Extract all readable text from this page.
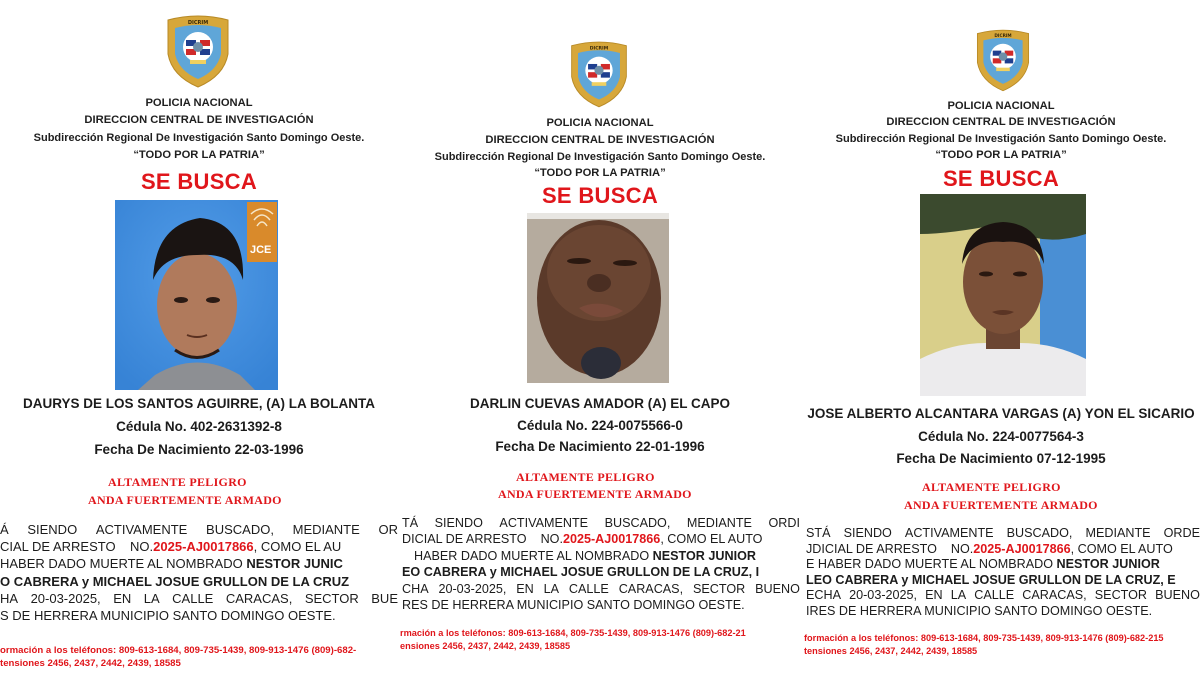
DICRIM
POLICIA NACIONAL
DIRECCION CENTRAL DE INVESTIGACIÓN
Subdirección Regional De Investigación Santo Domingo Oeste.
“TODO POR LA PATRIA”
SE BUSCA
JCE
DAURYS DE LOS SANTOS AGUIRRE, (A) LA BOLANTA
Cédula No. 402-2631392-8
Fecha De Nacimiento 22-03-1996
ALTAMENTE PELIGRO
ANDA FUERTEMENTE ARMADO
Á SIENDO ACTIVAMENTE BUSCADO, MEDIANTE OR
CIAL DE ARRESTO    NO.2025-AJ0017866, COMO EL AU
HABER DADO MUERTE AL NOMBRADO NESTOR JUNIC
O CABRERA y MICHAEL JOSUE GRULLON DE LA CRUZ
HA 20-03-2025, EN LA CALLE CARACAS, SECTOR BUE
S DE HERRERA MUNICIPIO SANTO DOMINGO OESTE.
ormación a los teléfonos: 809-613-1684, 809-735-1439, 809-913-1476 (809)-682-
tensiones 2456, 2437, 2442, 2439, 18585
DICRIM
POLICIA NACIONAL
DIRECCION CENTRAL DE INVESTIGACIÓN
Subdirección Regional De Investigación Santo Domingo Oeste.
“TODO POR LA PATRIA”
SE BUSCA
DARLIN CUEVAS AMADOR (A) EL CAPO
Cédula No. 224-0075566-0
Fecha De Nacimiento 22-01-1996
ALTAMENTE PELIGRO
ANDA FUERTEMENTE ARMADO
TÁ SIENDO ACTIVAMENTE BUSCADO, MEDIANTE ORDI
DICIAL DE ARRESTO    NO.2025-AJ0017866, COMO EL AUTO
HABER DADO MUERTE AL NOMBRADO NESTOR JUNIOR
EO CABRERA y MICHAEL JOSUE GRULLON DE LA CRUZ, I
CHA 20-03-2025, EN LA CALLE CARACAS, SECTOR BUENO
RES DE HERRERA MUNICIPIO SANTO DOMINGO OESTE.
rmación a los teléfonos: 809-613-1684, 809-735-1439, 809-913-1476 (809)-682-21
ensiones 2456, 2437, 2442, 2439, 18585
DICRIM
POLICIA NACIONAL
DIRECCION CENTRAL DE INVESTIGACIÓN
Subdirección Regional De Investigación Santo Domingo Oeste.
“TODO POR LA PATRIA”
SE BUSCA
JOSE ALBERTO ALCANTARA VARGAS (A) YON EL SICARIO
Cédula No. 224-0077564-3
Fecha De Nacimiento 07-12-1995
ALTAMENTE PELIGRO
ANDA FUERTEMENTE ARMADO
STÁ SIENDO ACTIVAMENTE BUSCADO, MEDIANTE ORDE
JDICIAL DE ARRESTO    NO.2025-AJ0017866, COMO EL AUTO
E HABER DADO MUERTE AL NOMBRADO NESTOR JUNIOR
LEO CABRERA y MICHAEL JOSUE GRULLON DE LA CRUZ, E
ECHA 20-03-2025, EN LA CALLE CARACAS, SECTOR BUENO
IRES DE HERRERA MUNICIPIO SANTO DOMINGO OESTE.
formación a los teléfonos: 809-613-1684, 809-735-1439, 809-913-1476 (809)-682-215
tensiones 2456, 2437, 2442, 2439, 18585
